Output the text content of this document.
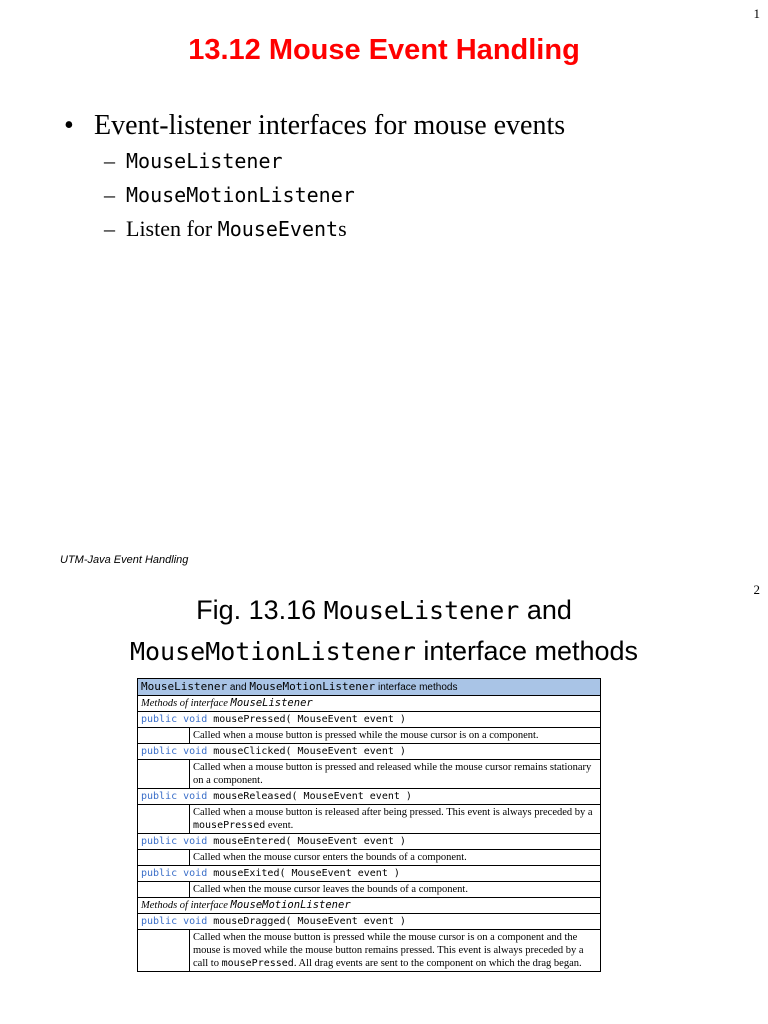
1
13.12 Mouse Event Handling
• Event-listener interfaces for mouse events
– MouseListener
– MouseMotionListener
– Listen for MouseEvents
UTM-Java Event Handling
2
Fig. 13.16 MouseListener and
MouseMotionListener interface methods
MouseListener and MouseMotionListener interface methods	
Methods of interface MouseListener	
public void mousePressed( MouseEvent event )	
	Called when a mouse button is pressed while the mouse cursor is on a component.
public void mouseClicked( MouseEvent event )	
	Called when a mouse button is pressed and released while the mouse cursor remains stationary on a component.
public void mouseReleased( MouseEvent event )	
	Called when a mouse button is released after being pressed. This event is always preceded by a mousePressed event.
public void mouseEntered( MouseEvent event )	
	Called when the mouse cursor enters the bounds of a component.
public void mouseExited( MouseEvent event )	
	Called when the mouse cursor leaves the bounds of a component.
Methods of interface MouseMotionListener	
public void mouseDragged( MouseEvent event )	
	Called when the mouse button is pressed while the mouse cursor is on a component and the mouse is moved while the mouse button remains pressed. This event is always preceded by a call to mousePressed. All drag events are sent to the component on which the drag began.
